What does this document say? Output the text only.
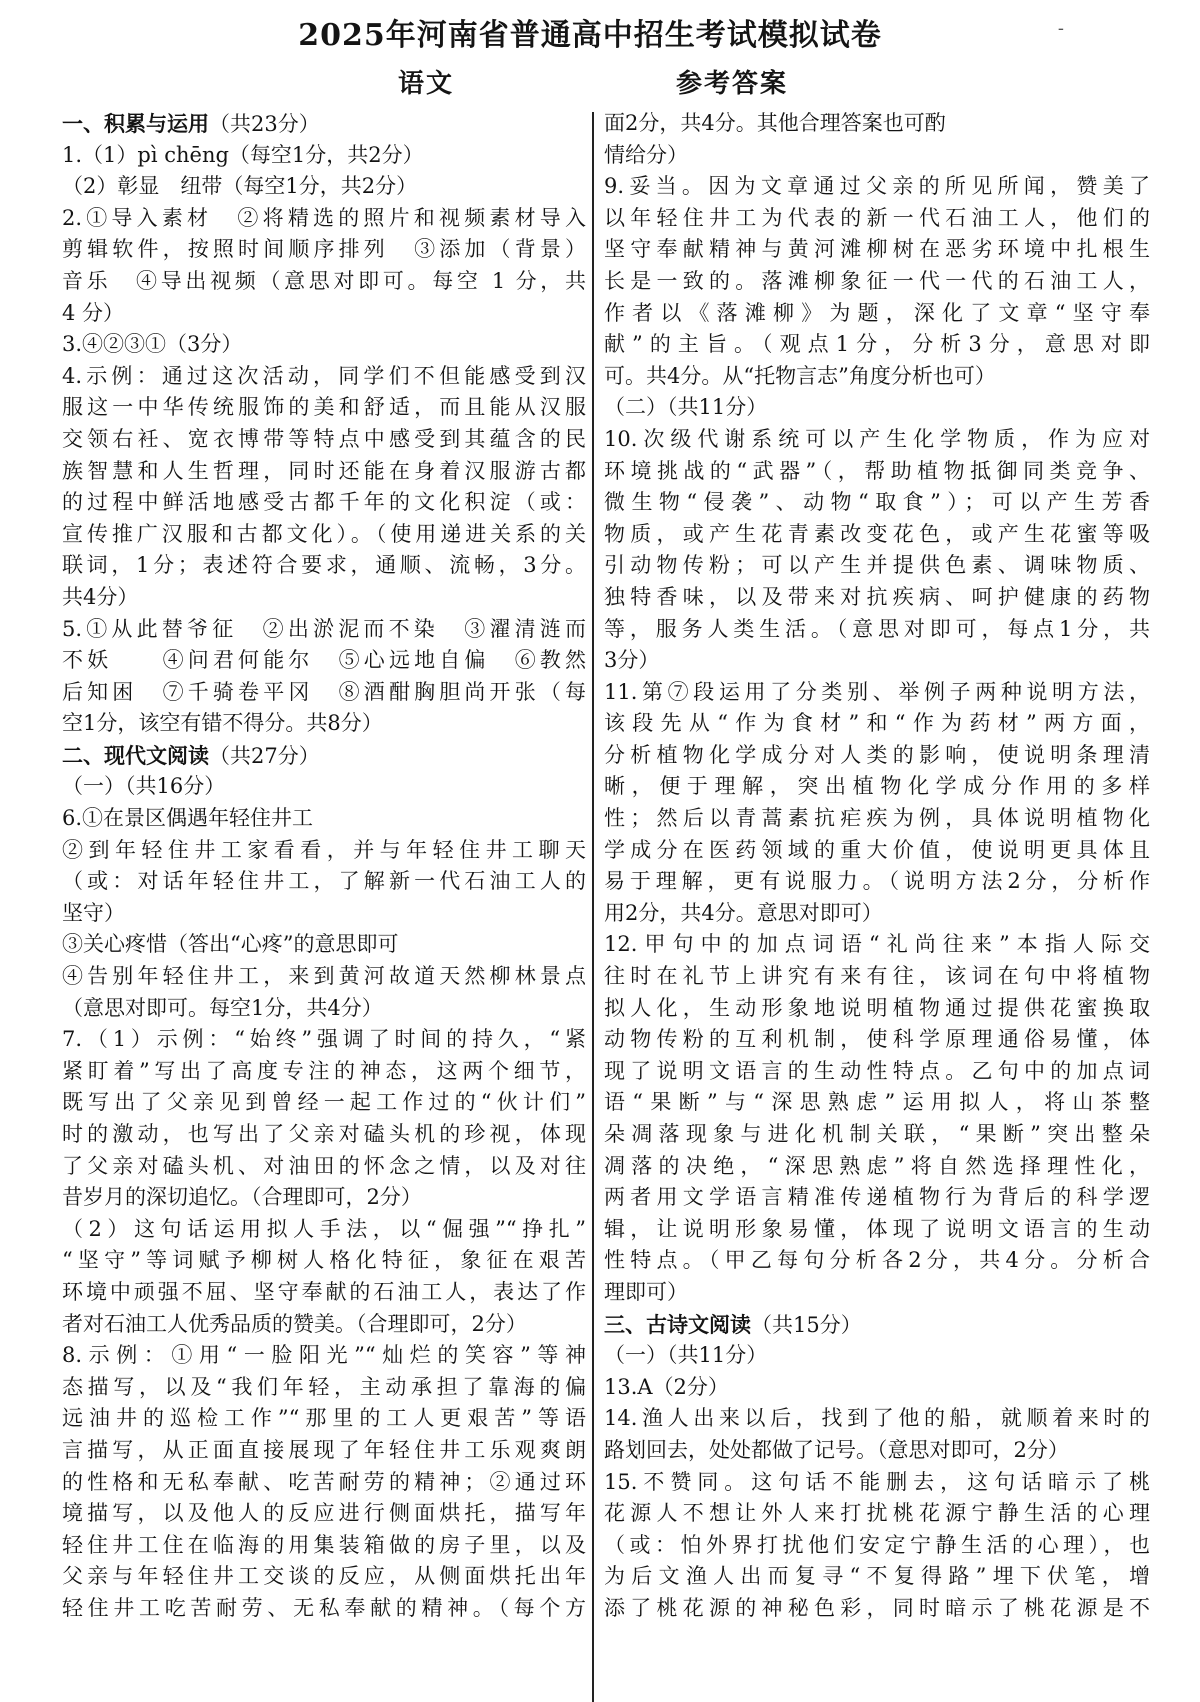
2025年河南省普通高中招生考试模拟试卷
语文	参考答案
-
一、积累与运用（共23分）
1.（1）pì chēng（每空1分，共2分）
（2）彰显　纽带（每空1分，共2分）
2.①导入素材　②将精选的照片和视频素材导入
剪辑软件，按照时间顺序排列　③添加（背景）
音乐　④导出视频（意思对即可。每空 1 分，共
4 分）
3.④②③①（3分）
4.示例：通过这次活动，同学们不但能感受到汉
服这一中华传统服饰的美和舒适，而且能从汉服
交领右衽、宽衣博带等特点中感受到其蕴含的民
族智慧和人生哲理，同时还能在身着汉服游古都
的过程中鲜活地感受古都千年的文化积淀（或：
宣传推广汉服和古都文化）。（使用递进关系的关
联词，1分；表述符合要求，通顺、流畅，3分。
共4分）
5.①从此替爷征　②出淤泥而不染　③濯清涟而
不妖　　④问君何能尔　⑤心远地自偏　⑥教然
后知困　⑦千骑卷平冈　⑧酒酣胸胆尚开张（每
空1分，该空有错不得分。共8分）
二、现代文阅读（共27分）
（一）（共16分）
6.①在景区偶遇年轻住井工
②到年轻住井工家看看，并与年轻住井工聊天
（或：对话年轻住井工，了解新一代石油工人的
坚守）
③关心疼惜（答出“心疼”的意思即可
④告别年轻住井工，来到黄河故道天然柳林景点
（意思对即可。每空1分，共4分）
7.（1）示例：“始终”强调了时间的持久，“紧
紧盯着”写出了高度专注的神态，这两个细节，
既写出了父亲见到曾经一起工作过的“伙计们”
时的激动，也写出了父亲对磕头机的珍视，体现
了父亲对磕头机、对油田的怀念之情，以及对往
昔岁月的深切追忆。（合理即可，2分）
（2）这句话运用拟人手法，以“倔强”“挣扎”
“坚守”等词赋予柳树人格化特征，象征在艰苦
环境中顽强不屈、坚守奉献的石油工人，表达了作
者对石油工人优秀品质的赞美。（合理即可，2分）
8.示例：①用“一脸阳光”“灿烂的笑容”等神
态描写，以及“我们年轻，主动承担了靠海的偏
远油井的巡检工作”“那里的工人更艰苦”等语
言描写，从正面直接展现了年轻住井工乐观爽朗
的性格和无私奉献、吃苦耐劳的精神；②通过环
境描写，以及他人的反应进行侧面烘托，描写年
轻住井工住在临海的用集装箱做的房子里，以及
父亲与年轻住井工交谈的反应，从侧面烘托出年
轻住井工吃苦耐劳、无私奉献的精神。（每个方
面2分，共4分。其他合理答案也可酌
情给分）
9.妥当。因为文章通过父亲的所见所闻，赞美了
以年轻住井工为代表的新一代石油工人，他们的
坚守奉献精神与黄河滩柳树在恶劣环境中扎根生
长是一致的。落滩柳象征一代一代的石油工人，
作者以《落滩柳》为题，深化了文章“坚守奉
献”的主旨。（观点1分，分析3分，意思对即
可。共4分。从“托物言志”角度分析也可）
（二）（共11分）
10.次级代谢系统可以产生化学物质，作为应对
环境挑战的“武器”（，帮助植物抵御同类竞争、
微生物“侵袭”、动物“取食”）；可以产生芳香
物质，或产生花青素改变花色，或产生花蜜等吸
引动物传粉；可以产生并提供色素、调味物质、
独特香味，以及带来对抗疾病、呵护健康的药物
等，服务人类生活。（意思对即可，每点1分，共
3分）
11.第⑦段运用了分类别、举例子两种说明方法，
该段先从“作为食材”和“作为药材”两方面，
分析植物化学成分对人类的影响，使说明条理清
晰，便于理解，突出植物化学成分作用的多样
性；然后以青蒿素抗疟疾为例，具体说明植物化
学成分在医药领域的重大价值，使说明更具体且
易于理解，更有说服力。（说明方法2分，分析作
用2分，共4分。意思对即可）
12.甲句中的加点词语“礼尚往来”本指人际交
往时在礼节上讲究有来有往，该词在句中将植物
拟人化，生动形象地说明植物通过提供花蜜换取
动物传粉的互利机制，使科学原理通俗易懂，体
现了说明文语言的生动性特点。乙句中的加点词
语“果断”与“深思熟虑”运用拟人，将山茶整
朵凋落现象与进化机制关联，“果断”突出整朵
凋落的决绝，“深思熟虑”将自然选择理性化，
两者用文学语言精准传递植物行为背后的科学逻
辑，让说明形象易懂，体现了说明文语言的生动
性特点。（甲乙每句分析各2分，共4分。分析合
理即可）
三、古诗文阅读（共15分）
（一）（共11分）
13.A（2分）
14.渔人出来以后，找到了他的船，就顺着来时的
路划回去，处处都做了记号。（意思对即可，2分）
15.不赞同。这句话不能删去，这句话暗示了桃
花源人不想让外人来打扰桃花源宁静生活的心理
（或：怕外界打扰他们安定宁静生活的心理），也
为后文渔人出而复寻“不复得路”埋下伏笔，增
添了桃花源的神秘色彩，同时暗示了桃花源是不
